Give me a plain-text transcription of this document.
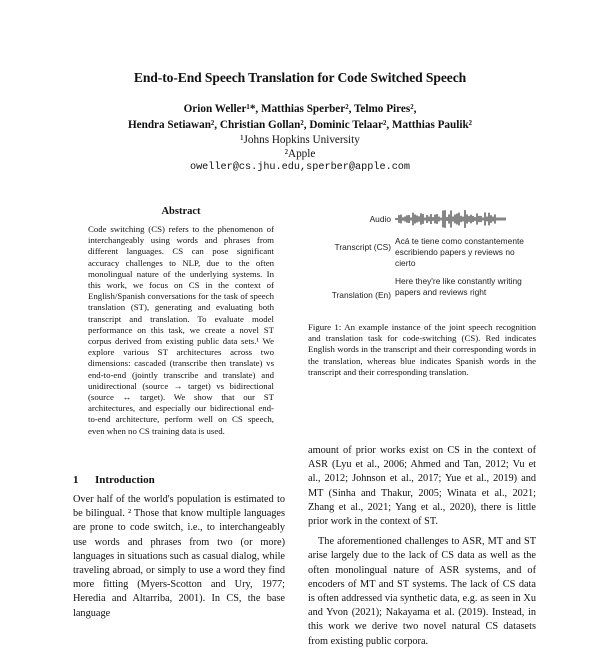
End-to-End Speech Translation for Code Switched Speech
Orion Weller¹*, Matthias Sperber², Telmo Pires²,
Hendra Setiawan², Christian Gollan², Dominic Telaar², Matthias Paulik²
¹Johns Hopkins University
²Apple
oweller@cs.jhu.edu,sperber@apple.com
Abstract
Code switching (CS) refers to the phenomenon of interchangeably using words and phrases from different languages. CS can pose significant accuracy challenges to NLP, due to the often monolingual nature of the underlying systems. In this work, we focus on CS in the context of English/Spanish conversations for the task of speech translation (ST), generating and evaluating both transcript and translation. To evaluate model performance on this task, we create a novel ST corpus derived from existing public data sets.¹ We explore various ST architectures across two dimensions: cascaded (transcribe then translate) vs end-to-end (jointly transcribe and translate) and unidirectional (source → target) vs bidirectional (source ↔ target). We show that our ST architectures, and especially our bidirectional end-to-end architecture, perform well on CS speech, even when no CS training data is used.
1 Introduction
Over half of the world's population is estimated to be bilingual. ² Those that know multiple languages are prone to code switch, i.e., to interchangeably use words and phrases from two (or more) languages in situations such as casual dialog, while traveling abroad, or simply to use a word they find more fitting (Myers-Scotton and Ury, 1977; Heredia and Altarriba, 2001). In CS, the base language
Audio
Transcript (CS)
Acá te tiene como constantemente escribiendo papers y reviews no cierto
Translation (En)
Here they're like constantly writing papers and reviews right
Figure 1: An example instance of the joint speech recognition and translation task for code-switching (CS). Red indicates English words in the transcript and their corresponding words in the translation, whereas blue indicates Spanish words in the transcript and their corresponding translation.

amount of prior works exist on CS in the context of ASR (Lyu et al., 2006; Ahmed and Tan, 2012; Vu et al., 2012; Johnson et al., 2017; Yue et al., 2019) and MT (Sinha and Thakur, 2005; Winata et al., 2021; Zhang et al., 2021; Yang et al., 2020), there is little prior work in the context of ST.

The aforementioned challenges to ASR, MT and ST arise largely due to the lack of CS data as well as the often monolingual nature of ASR systems, and of encoders of MT and ST systems. The lack of CS data is often addressed via synthetic data, e.g. as seen in Xu and Yvon (2021); Nakayama et al. (2019). Instead, in this work we derive two novel natural CS datasets from existing public corpora.
